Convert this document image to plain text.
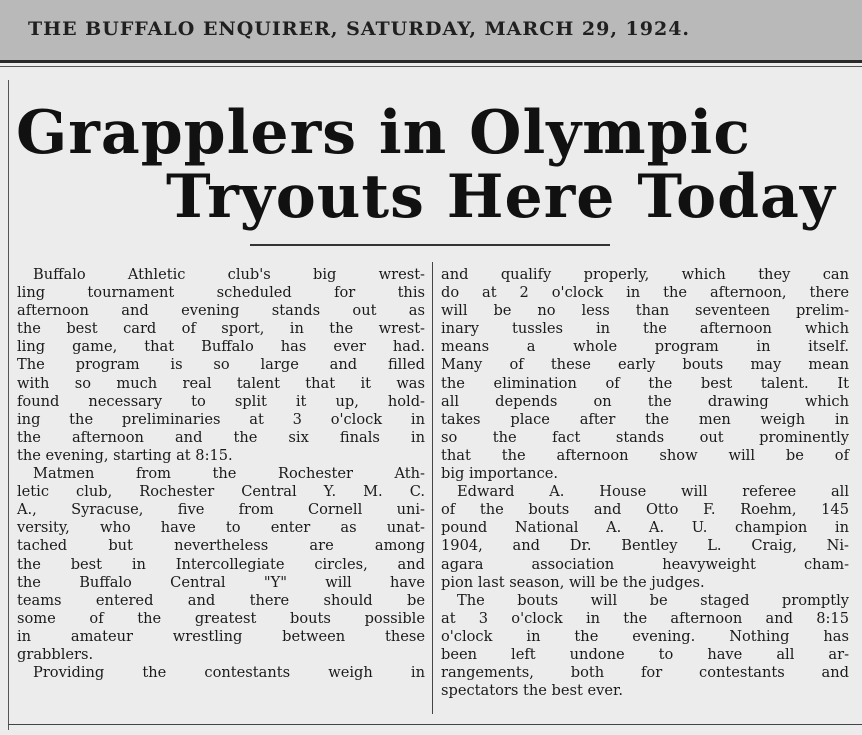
THE BUFFALO ENQUIRER, SATURDAY, MARCH 29, 1924.
Grapplers in Olympic
Tryouts Here Today
Buffalo Athletic club's big wrest-
ling tournament scheduled for this
afternoon and evening stands out as
the best card of sport, in the wrest-
ling game, that Buffalo has ever had.
The program is so large and filled
with so much real talent that it was
found necessary to split it up, hold-
ing the preliminaries at 3 o'clock in
the afternoon and the six finals in
the evening, starting at 8:15.
Matmen from the Rochester Ath-
letic club, Rochester Central Y. M. C.
A., Syracuse, five from Cornell uni-
versity, who have to enter as unat-
tached but nevertheless are among
the best in Intercollegiate circles, and
the Buffalo Central "Y" will have
teams entered and there should be
some of the greatest bouts possible
in amateur wrestling between these
grabblers.
Providing the contestants weigh in
and qualify properly, which they can
do at 2 o'clock in the afternoon, there
will be no less than seventeen prelim-
inary tussles in the afternoon which
means a whole program in itself.
Many of these early bouts may mean
the elimination of the best talent. It
all depends on the drawing which
takes place after the men weigh in
so the fact stands out prominently
that the afternoon show will be of
big importance.
Edward A. House will referee all
of the bouts and Otto F. Roehm, 145
pound National A. A. U. champion in
1904, and Dr. Bentley L. Craig, Ni-
agara association heavyweight cham-
pion last season, will be the judges.
The bouts will be staged promptly
at 3 o'clock in the afternoon and 8:15
o'clock in the evening. Nothing has
been left undone to have all ar-
rangements, both for contestants and
spectators the best ever.
